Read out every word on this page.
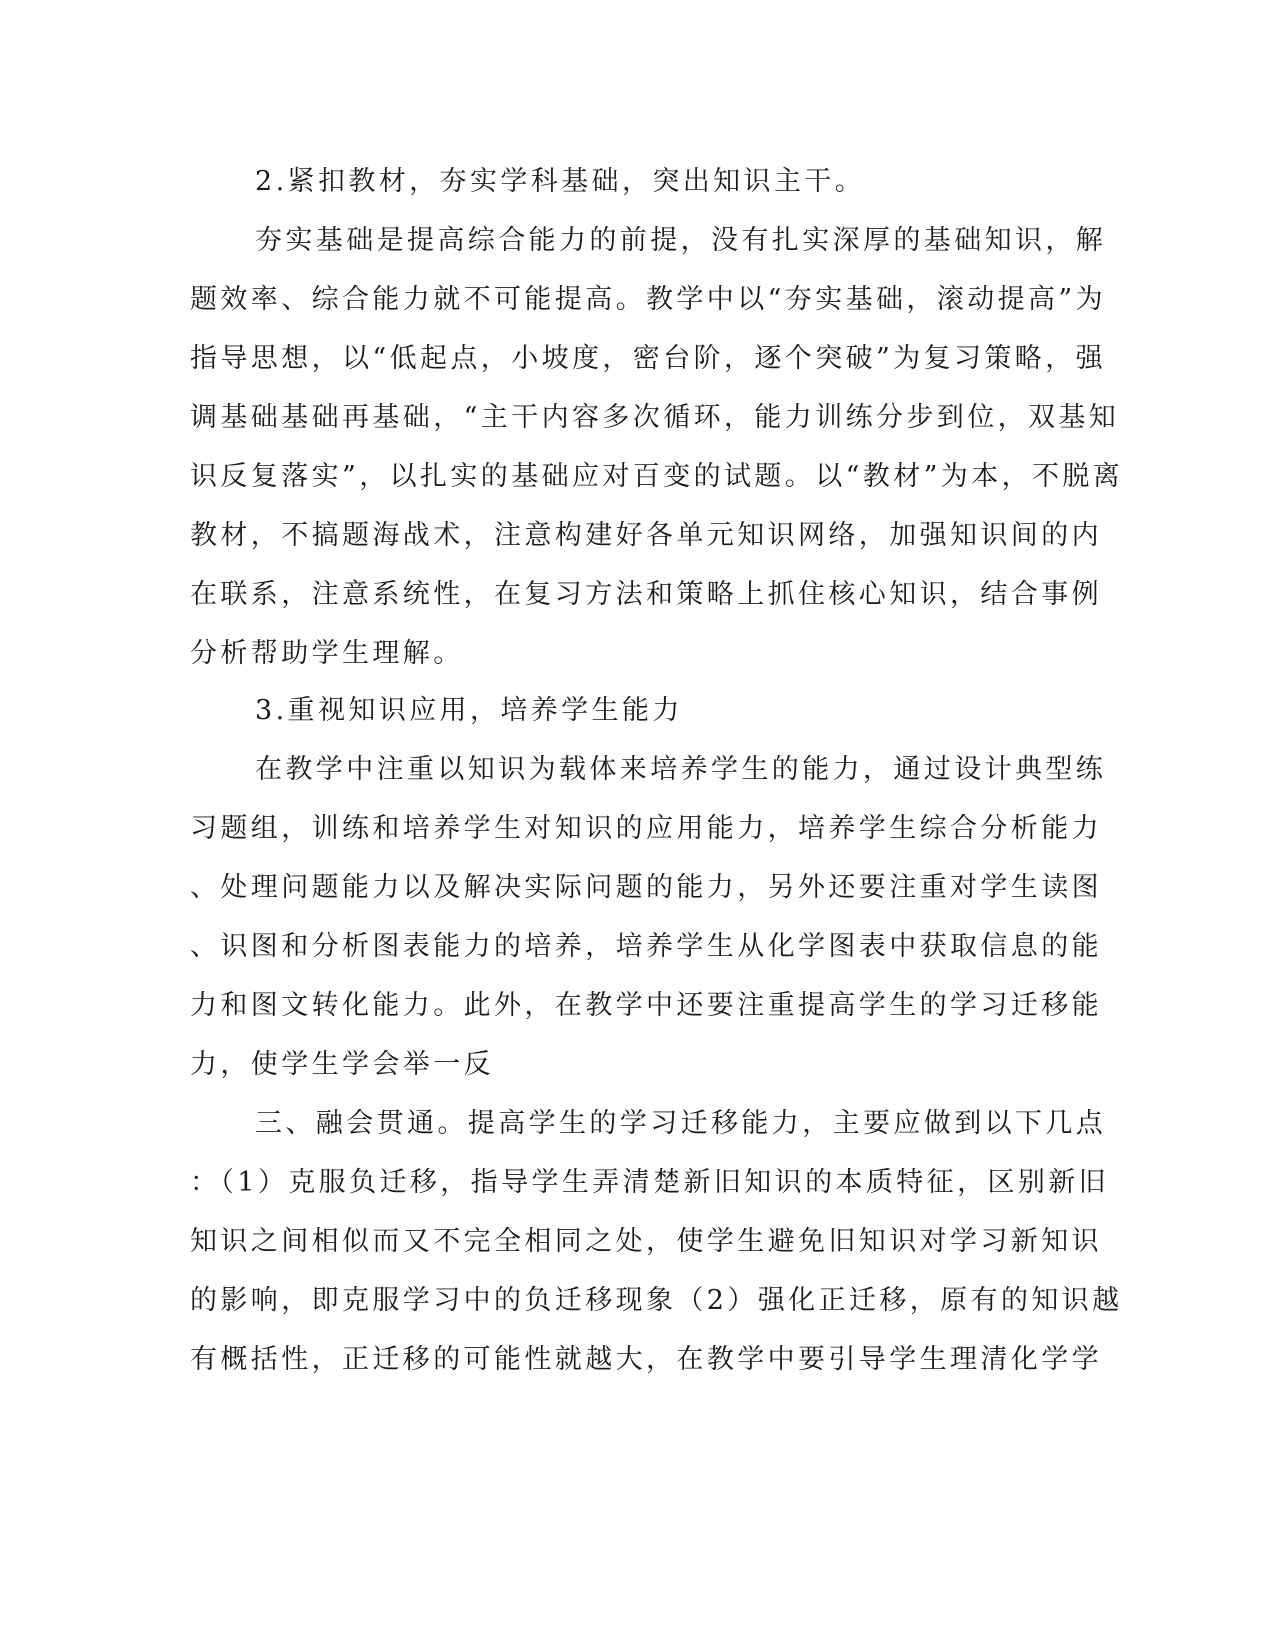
2.紧扣教材，夯实学科基础，突出知识主干。
夯实基础是提高综合能力的前提，没有扎实深厚的基础知识，解
题效率、综合能力就不可能提高。教学中以“夯实基础，滚动提高”为
指导思想，以“低起点，小坡度，密台阶，逐个突破”为复习策略，强
调基础基础再基础，“主干内容多次循环，能力训练分步到位，双基知
识反复落实”，以扎实的基础应对百变的试题。以“教材”为本，不脱离
教材，不搞题海战术，注意构建好各单元知识网络，加强知识间的内
在联系，注意系统性，在复习方法和策略上抓住核心知识，结合事例
分析帮助学生理解。
3.重视知识应用，培养学生能力
在教学中注重以知识为载体来培养学生的能力，通过设计典型练
习题组，训练和培养学生对知识的应用能力，培养学生综合分析能力
、处理问题能力以及解决实际问题的能力，另外还要注重对学生读图
、识图和分析图表能力的培养，培养学生从化学图表中获取信息的能
力和图文转化能力。此外，在教学中还要注重提高学生的学习迁移能
力，使学生学会举一反
三、融会贯通。提高学生的学习迁移能力，主要应做到以下几点
：（1）克服负迁移，指导学生弄清楚新旧知识的本质特征，区别新旧
知识之间相似而又不完全相同之处，使学生避免旧知识对学习新知识
的影响，即克服学习中的负迁移现象（2）强化正迁移，原有的知识越
有概括性，正迁移的可能性就越大，在教学中要引导学生理清化学学
